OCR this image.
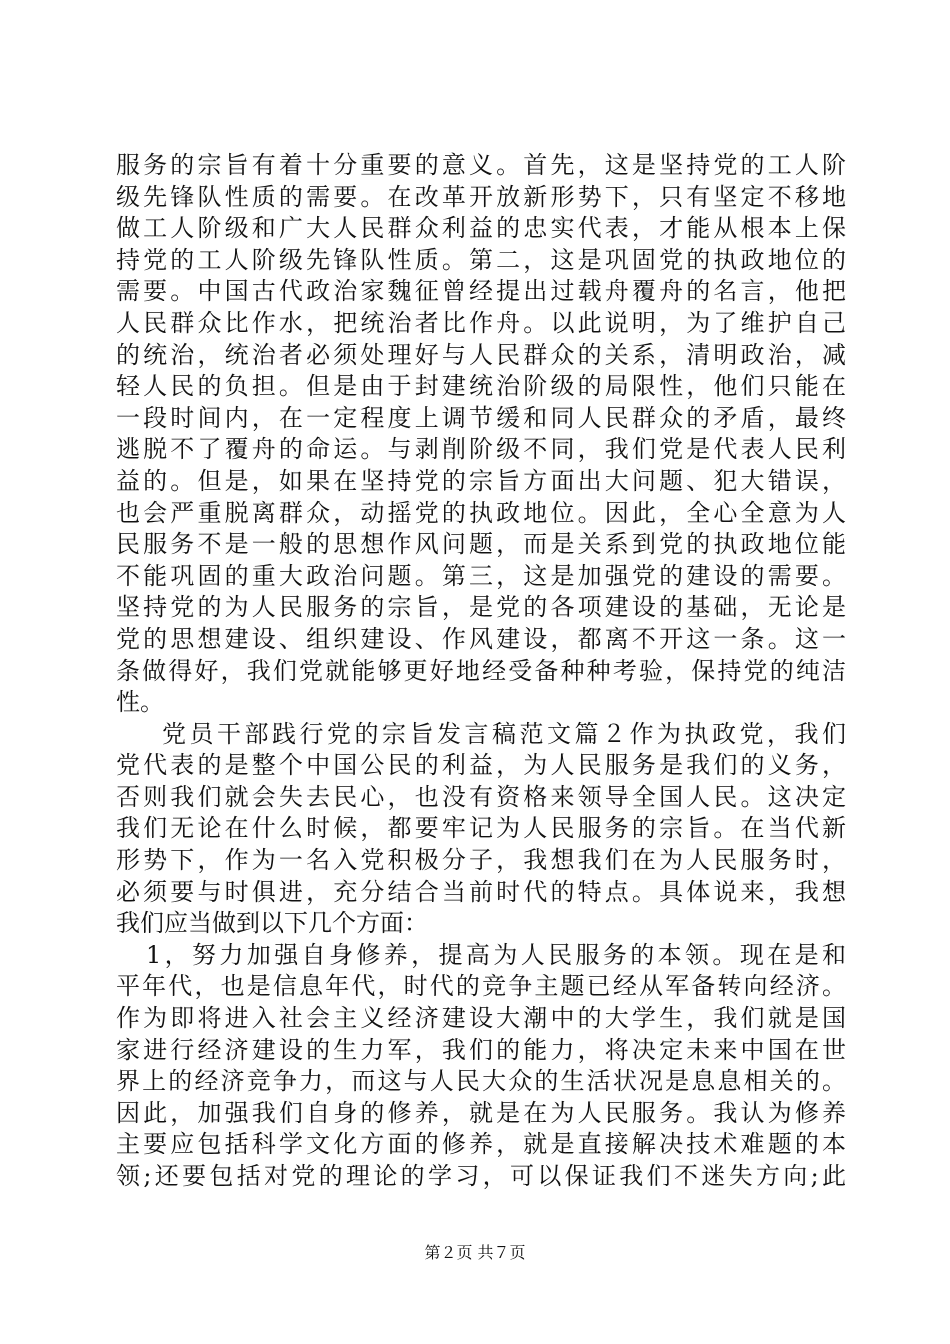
服务的宗旨有着十分重要的意义。首先，这是坚持党的工人阶
级先锋队性质的需要。在改革开放新形势下，只有坚定不移地
做工人阶级和广大人民群众利益的忠实代表，才能从根本上保
持党的工人阶级先锋队性质。第二，这是巩固党的执政地位的
需要。中国古代政治家魏征曾经提出过载舟覆舟的名言，他把
人民群众比作水，把统治者比作舟。以此说明，为了维护自己
的统治，统治者必须处理好与人民群众的关系，清明政治，减
轻人民的负担。但是由于封建统治阶级的局限性，他们只能在
一段时间内，在一定程度上调节缓和同人民群众的矛盾，最终
逃脱不了覆舟的命运。与剥削阶级不同，我们党是代表人民利
益的。但是，如果在坚持党的宗旨方面出大问题、犯大错误，
也会严重脱离群众，动摇党的执政地位。因此，全心全意为人
民服务不是一般的思想作风问题，而是关系到党的执政地位能
不能巩固的重大政治问题。第三，这是加强党的建设的需要。
坚持党的为人民服务的宗旨，是党的各项建设的基础，无论是
党的思想建设、组织建设、作风建设，都离不开这一条。这一
条做得好，我们党就能够更好地经受备种种考验，保持党的纯洁
性。
党员干部践行党的宗旨发言稿范文篇２作为执政党，我们
党代表的是整个中国公民的利益，为人民服务是我们的义务，
否则我们就会失去民心，也没有资格来领导全国人民。这决定
我们无论在什么时候，都要牢记为人民服务的宗旨。在当代新
形势下，作为一名入党积极分子，我想我们在为人民服务时，
必须要与时俱进，充分结合当前时代的特点。具体说来，我想
我们应当做到以下几个方面：
1，努力加强自身修养，提高为人民服务的本领。现在是和
平年代，也是信息年代，时代的竞争主题已经从军备转向经济。
作为即将进入社会主义经济建设大潮中的大学生，我们就是国
家进行经济建设的生力军，我们的能力，将决定未来中国在世
界上的经济竞争力，而这与人民大众的生活状况是息息相关的。
因此，加强我们自身的修养，就是在为人民服务。我认为修养
主要应包括科学文化方面的修养，就是直接解决技术难题的本
领;还要包括对党的理论的学习，可以保证我们不迷失方向;此
第２页 共７页
